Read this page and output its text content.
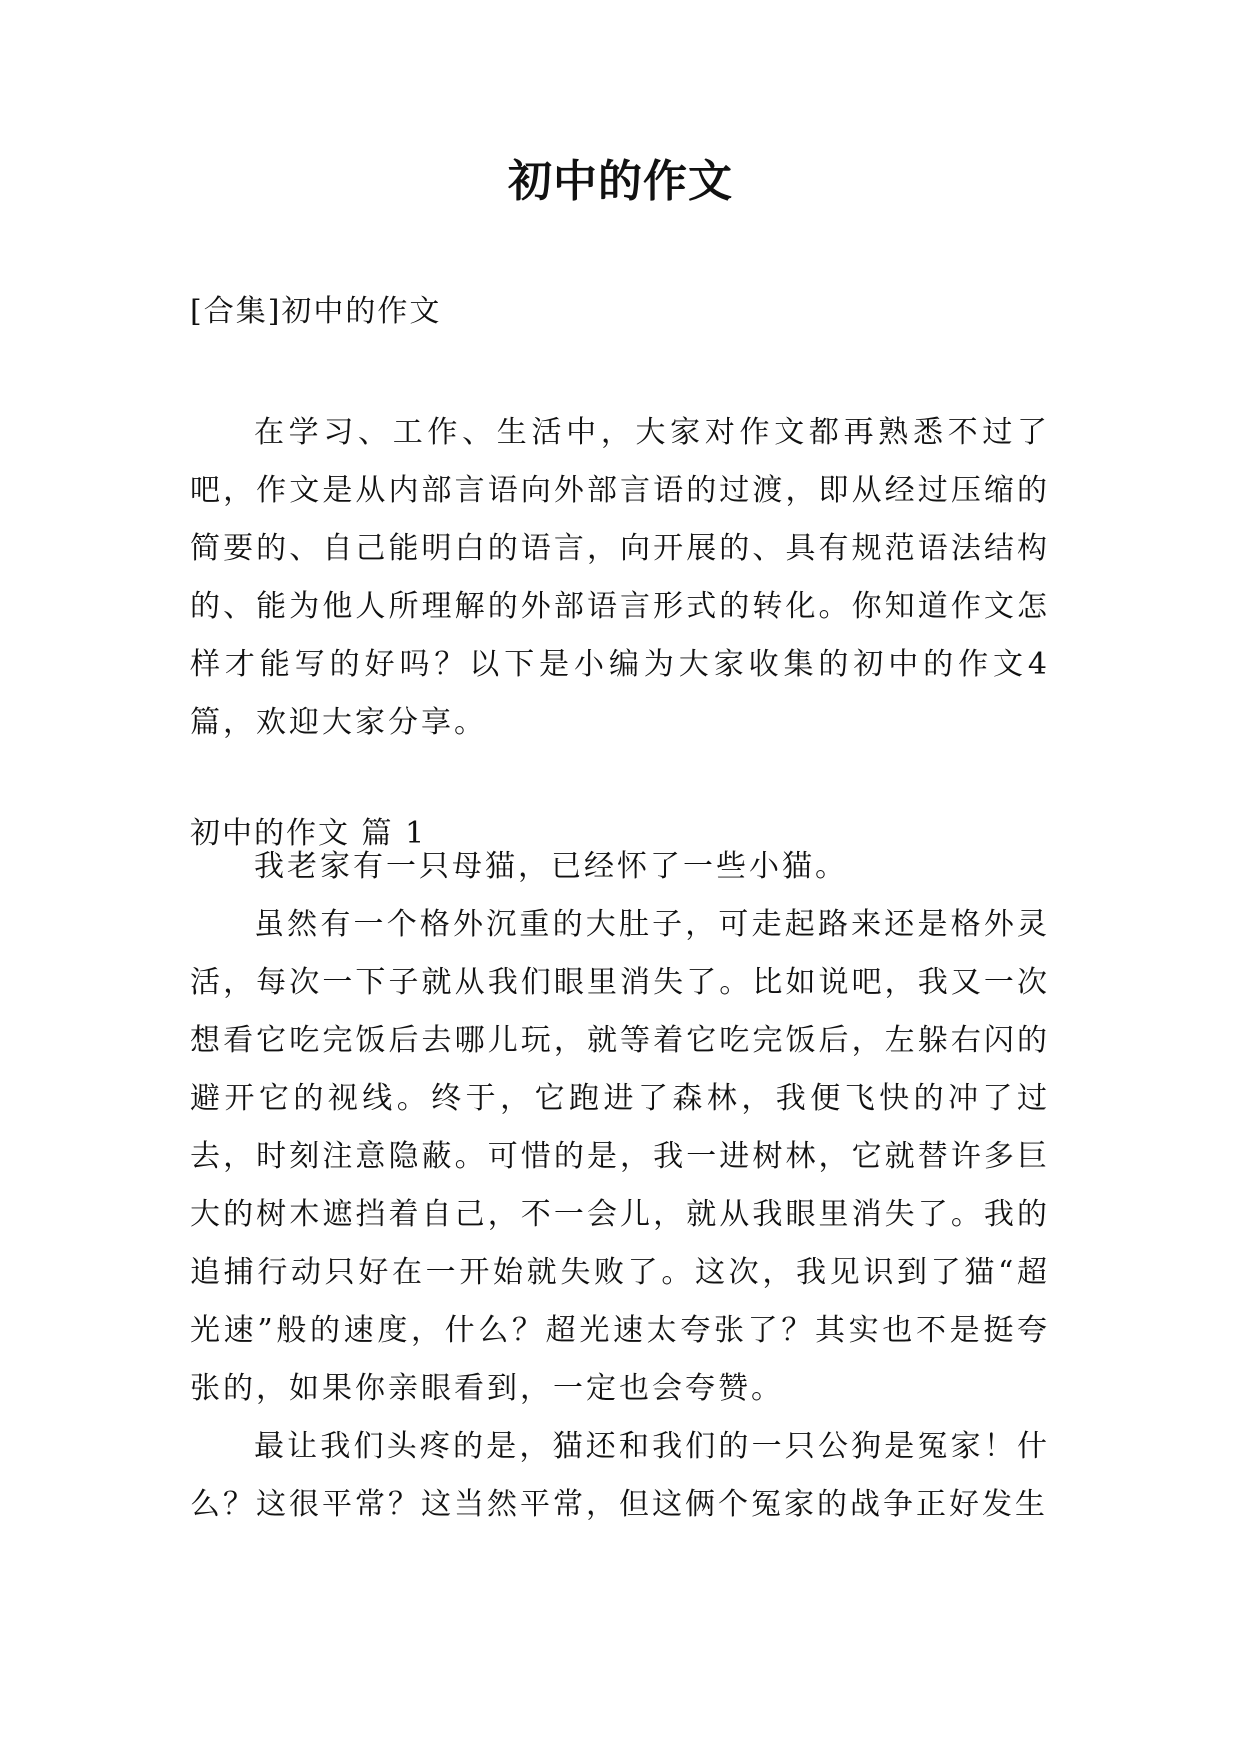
初中的作文
[合集]初中的作文

在学习、工作、生活中，大家对作文都再熟悉不过了吧，作文是从内部言语向外部言语的过渡，即从经过压缩的简要的、自己能明白的语言，向开展的、具有规范语法结构的、能为他人所理解的外部语言形式的转化。你知道作文怎样才能写的好吗？以下是小编为大家收集的初中的作文4篇，欢迎大家分享。

初中的作文 篇 1

我老家有一只母猫，已经怀了一些小猫。

虽然有一个格外沉重的大肚子，可走起路来还是格外灵活，每次一下子就从我们眼里消失了。比如说吧，我又一次想看它吃完饭后去哪儿玩，就等着它吃完饭后，左躲右闪的避开它的视线。终于，它跑进了森林，我便飞快的冲了过去，时刻注意隐蔽。可惜的是，我一进树林，它就替许多巨大的树木遮挡着自己，不一会儿，就从我眼里消失了。我的追捕行动只好在一开始就失败了。这次，我见识到了猫“超光速”般的速度，什么？超光速太夸张了？其实也不是挺夸张的，如果你亲眼看到，一定也会夸赞。

最让我们头疼的是，猫还和我们的一只公狗是冤家！什么？这很平常？这当然平常，但这俩个冤家的战争正好发生
